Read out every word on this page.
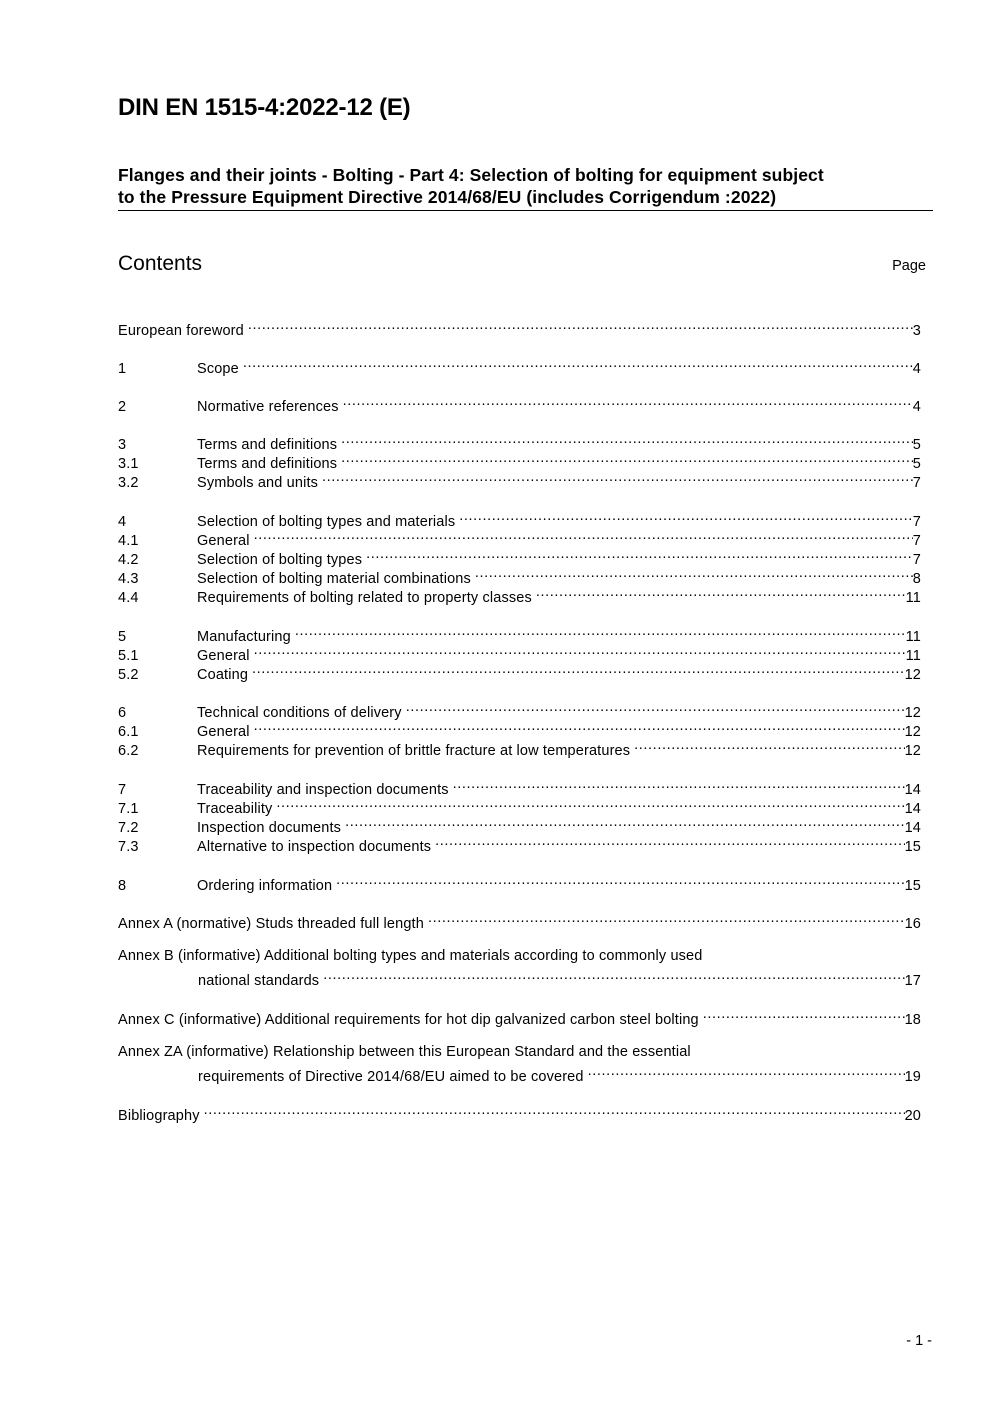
DIN EN 1515-4:2022-12 (E)
Flanges and their joints - Bolting - Part 4: Selection of bolting for equipment subject
to the Pressure Equipment Directive 2014/68/EU (includes Corrigendum :2022)
Contents	Page
European foreword .....	3
1	Scope .....	4
2	Normative references .....	4
3	Terms and definitions .....	5
3.1	Terms and definitions .....	5
3.2	Symbols and units .....	7
4	Selection of bolting types and materials .....	7
4.1	General .....	7
4.2	Selection of bolting types .....	7
4.3	Selection of bolting material combinations .....	8
4.4	Requirements of bolting related to property classes .....	11
5	Manufacturing .....	11
5.1	General .....	11
5.2	Coating .....	12
6	Technical conditions of delivery .....	12
6.1	General .....	12
6.2	Requirements for prevention of brittle fracture at low temperatures .....	12
7	Traceability and inspection documents .....	14
7.1	Traceability .....	14
7.2	Inspection documents .....	14
7.3	Alternative to inspection documents .....	15
8	Ordering information .....	15
Annex A (normative) Studs threaded full length .....	16
Annex B (informative) Additional bolting types and materials according to commonly used
national standards .....	17
Annex C (informative) Additional requirements for hot dip galvanized carbon steel bolting .....	18
Annex ZA (informative) Relationship between this European Standard and the essential
requirements of Directive 2014/68/EU aimed to be covered .....	19
Bibliography .....	20
- 1 -
